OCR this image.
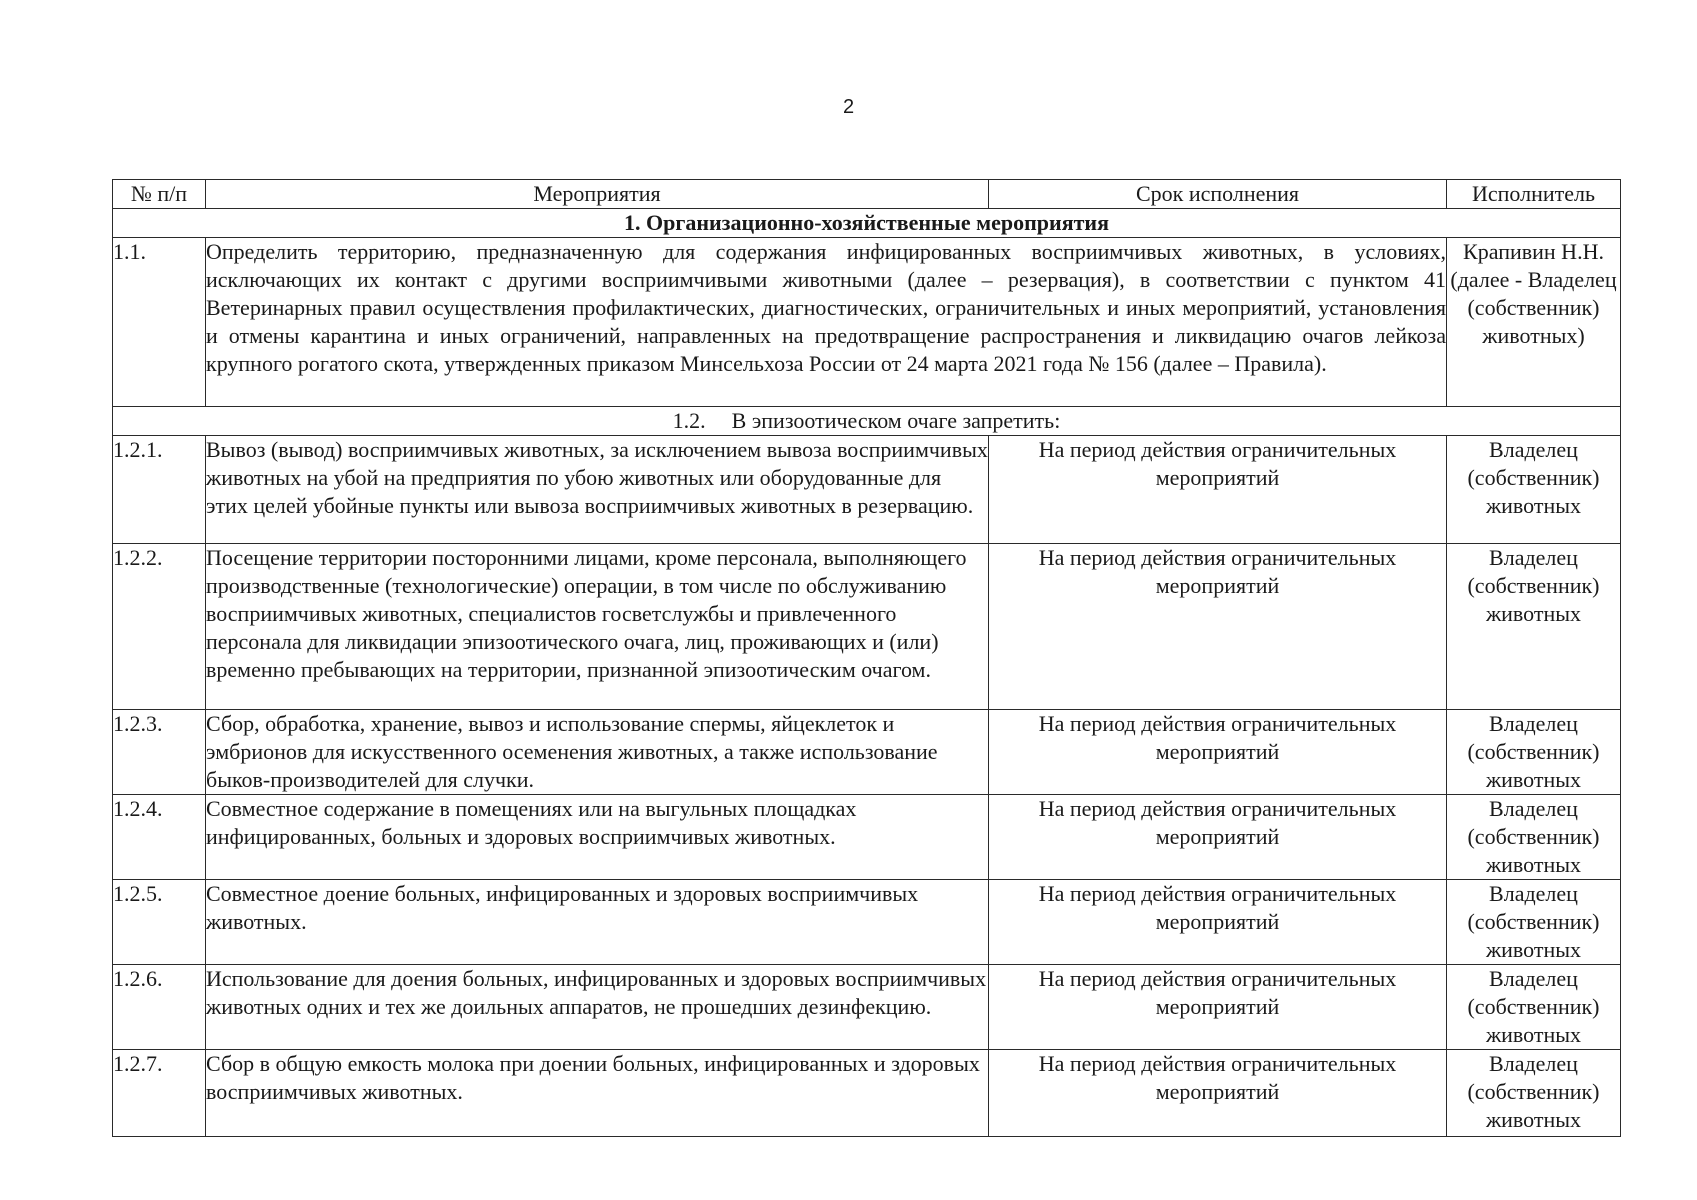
2
№ п/п	Мероприятия	Срок исполнения	Исполнитель
1. Организационно-хозяйственные мероприятия			
1.1.	Определить территорию, предназначенную для содержания инфицированных восприимчивых животных, в условиях, исключающих их контакт с другими восприимчивыми животными (далее – резервация), в соответствии с пунктом 41 Ветеринарных правил осуществления профилактических, диагностических, ограничительных и иных мероприятий, установления и отмены карантина и иных ограничений, направленных на предотвращение распространения и ликвидацию очагов лейкоза крупного рогатого скота, утвержденных приказом Минсельхоза России от 24 марта 2021 года № 156 (далее – Правила).		Крапивин Н.Н. (далее - Владелец (собственник) животных)
1.2. В эпизоотическом очаге запретить:			
1.2.1.	Вывоз (вывод) восприимчивых животных, за исключением вывоза восприимчивых животных на убой на предприятия по убою животных или оборудованные для этих целей убойные пункты или вывоза восприимчивых животных в резервацию.	На период действия ограничительных мероприятий	Владелец (собственник) животных
1.2.2.	Посещение территории посторонними лицами, кроме персонала, выполняющего производственные (технологические) операции, в том числе по обслуживанию восприимчивых животных, специалистов госветслужбы и привлеченного персонала для ликвидации эпизоотического очага, лиц, проживающих и (или) временно пребывающих на территории, признанной эпизоотическим очагом.	На период действия ограничительных мероприятий	Владелец (собственник) животных
1.2.3.	Сбор, обработка, хранение, вывоз и использование спермы, яйцеклеток и эмбрионов для искусственного осеменения животных, а также использование быков-производителей для случки.	На период действия ограничительных мероприятий	Владелец (собственник) животных
1.2.4.	Совместное содержание в помещениях или на выгульных площадках инфицированных, больных и здоровых восприимчивых животных.	На период действия ограничительных мероприятий	Владелец (собственник) животных
1.2.5.	Совместное доение больных, инфицированных и здоровых восприимчивых животных.	На период действия ограничительных мероприятий	Владелец (собственник) животных
1.2.6.	Использование для доения больных, инфицированных и здоровых восприимчивых животных одних и тех же доильных аппаратов, не прошедших дезинфекцию.	На период действия ограничительных мероприятий	Владелец (собственник) животных
1.2.7.	Сбор в общую емкость молока при доении больных, инфицированных и здоровых восприимчивых животных.	На период действия ограничительных мероприятий	Владелец (собственник) животных
